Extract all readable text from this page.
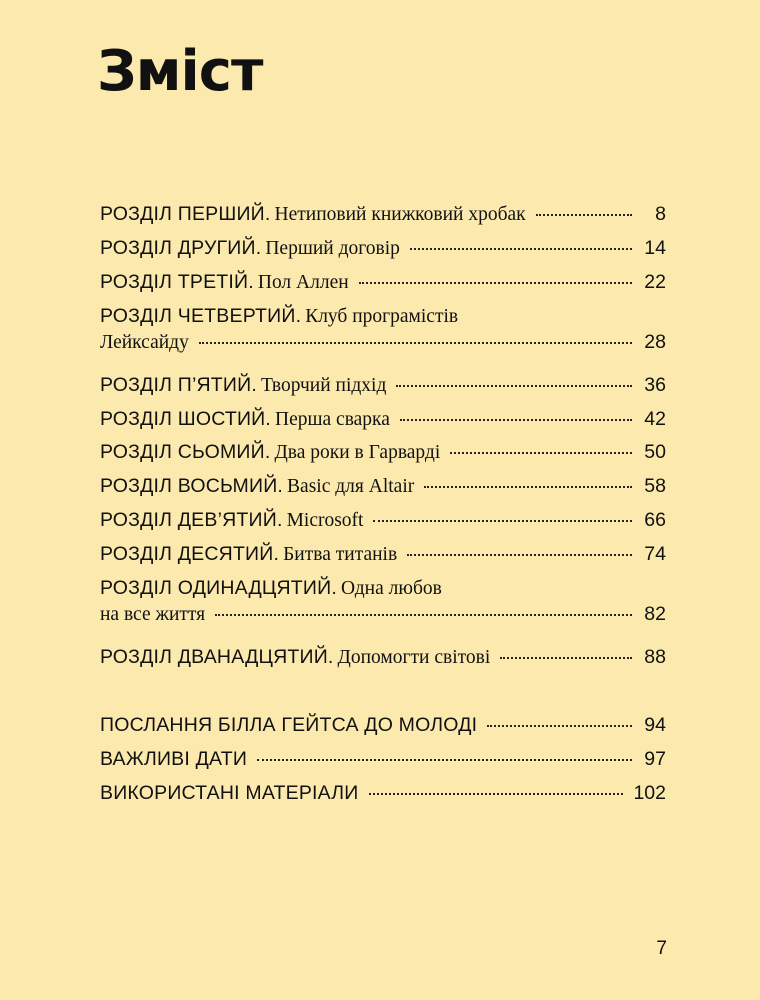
Зміст
РОЗДІЛ ПЕРШИЙ.
Нетиповий книжковий хробак	8
РОЗДІЛ ДРУГИЙ.
Перший договір	14
РОЗДІЛ ТРЕТІЙ.
Пол Аллен	22
РОЗДІЛ ЧЕТВЕРТИЙ. Клуб програмістів
Лейксайду	28
РОЗДІЛ П’ЯТИЙ.
Творчий підхід	36
РОЗДІЛ ШОСТИЙ.
Перша сварка	42
РОЗДІЛ СЬОМИЙ.
Два роки в Гарварді	50
РОЗДІЛ ВОСЬМИЙ.
Basic для Altair	58
РОЗДІЛ ДЕВ’ЯТИЙ.
Microsoft	66
РОЗДІЛ ДЕСЯТИЙ.
Битва титанів	74
РОЗДІЛ ОДИНАДЦЯТИЙ. Одна любов
на все життя	82
РОЗДІЛ ДВАНАДЦЯТИЙ.
Допомогти світові	88
ПОСЛАННЯ БІЛЛА ГЕЙТСА ДО МОЛОДІ	94
ВАЖЛИВІ ДАТИ	97
ВИКОРИСТАНІ МАТЕРІАЛИ	102
7
